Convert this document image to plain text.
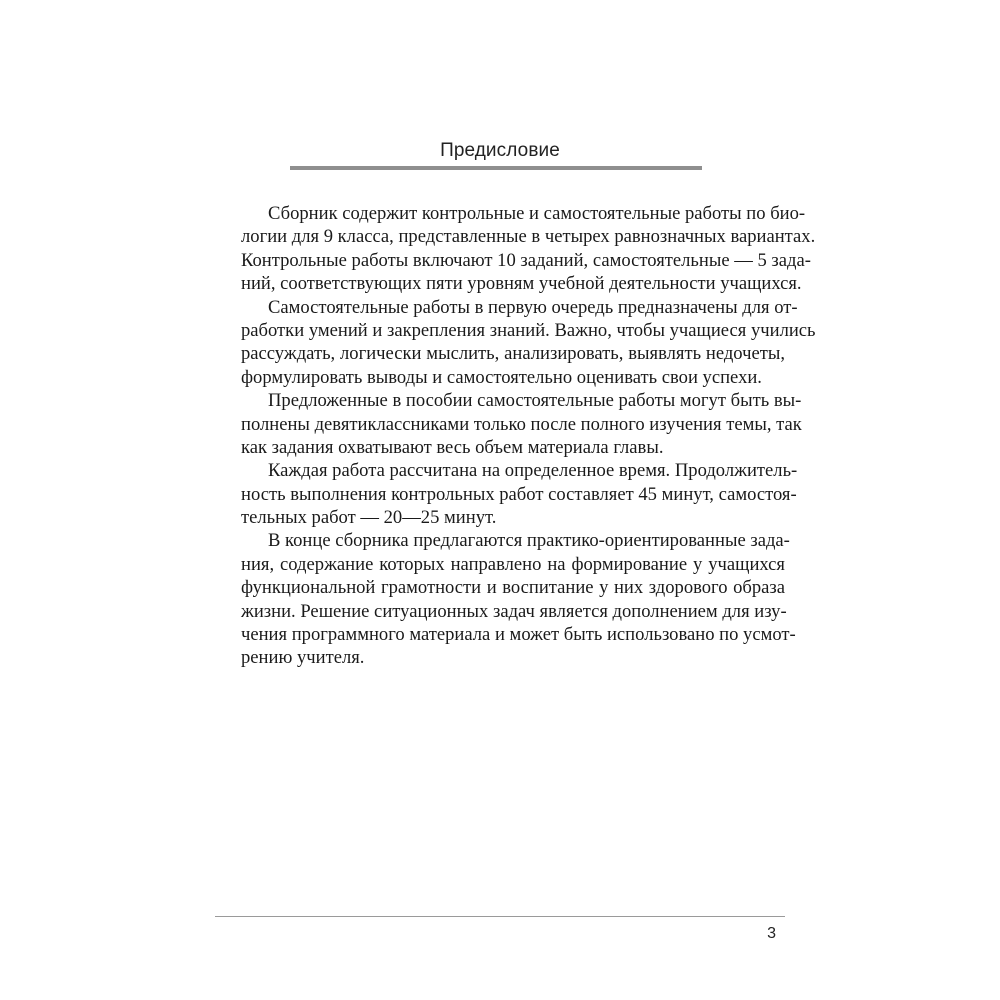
Предисловие

Сборник содержит контрольные и самостоятельные работы по био-
логии для 9 класса, представленные в четырех равнозначных вариантах.
Контрольные работы включают 10 заданий, самостоятельные — 5 зада-
ний, соответствующих пяти уровням учебной деятельности учащихся.

Самостоятельные работы в первую очередь предназначены для от-
работки умений и закрепления знаний. Важно, чтобы учащиеся учились
рассуждать, логически мыслить, анализировать, выявлять недочеты,
формулировать выводы и самостоятельно оценивать свои успехи.

Предложенные в пособии самостоятельные работы могут быть вы-
полнены девятиклассниками только после полного изучения темы, так
как задания охватывают весь объем материала главы.

Каждая работа рассчитана на определенное время. Продолжитель-
ность выполнения контрольных работ составляет 45 минут, самостоя-
тельных работ — 20—25 минут.

В конце сборника предлагаются практико-ориентированные зада-
ния, содержание которых направлено на формирование у учащихся
функциональной грамотности и воспитание у них здорового образа
жизни. Решение ситуационных задач является дополнением для изу-
чения программного материала и может быть использовано по усмот-
рению учителя.

3
